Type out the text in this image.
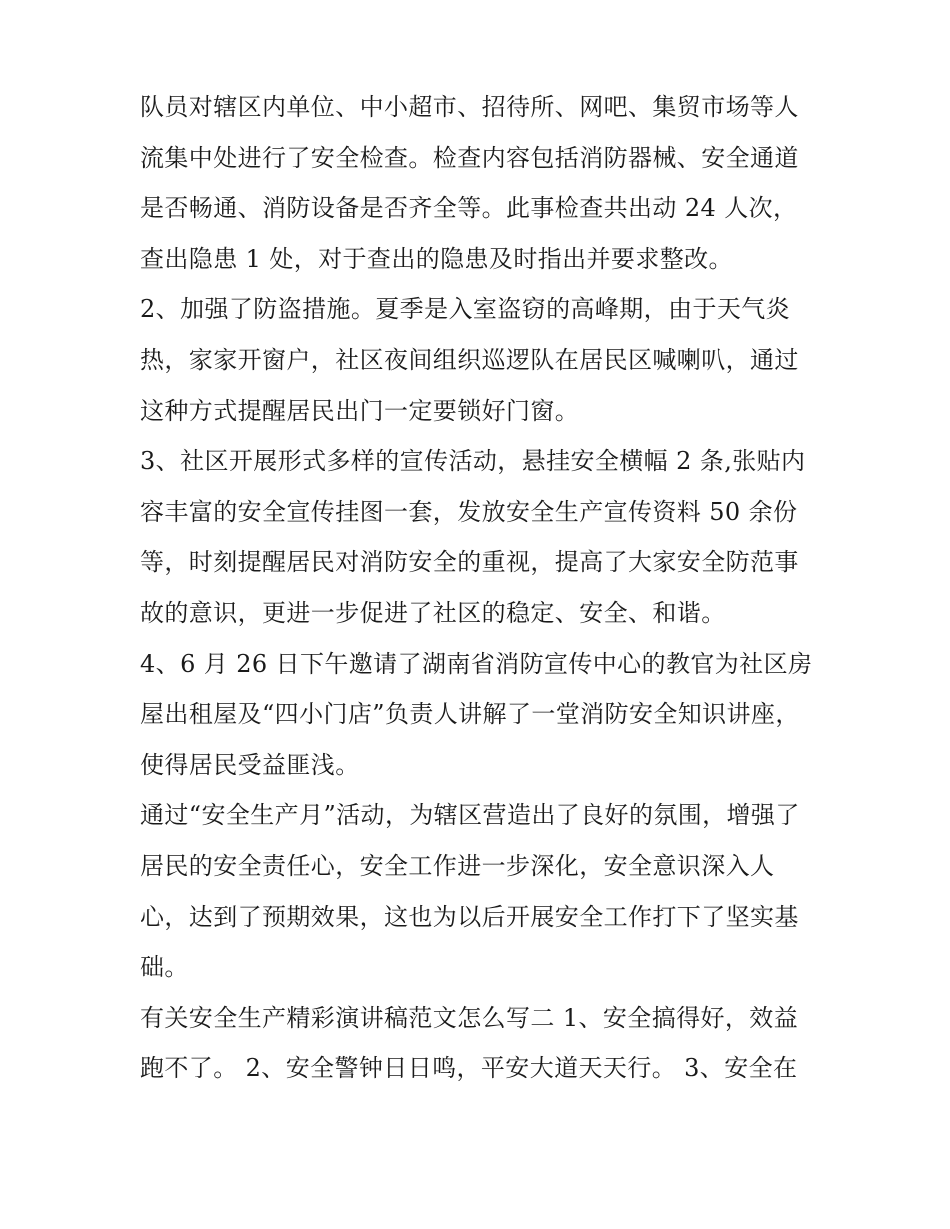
队员对辖区内单位、中小超市、招待所、网吧、集贸市场等人
流集中处进行了安全检查。检查内容包括消防器械、安全通道
是否畅通、消防设备是否齐全等。此事检查共出动 24 人次，
查出隐患 1 处，对于查出的隐患及时指出并要求整改。
2、加强了防盗措施。夏季是入室盗窃的高峰期，由于天气炎
热，家家开窗户，社区夜间组织巡逻队在居民区喊喇叭，通过
这种方式提醒居民出门一定要锁好门窗。
3、社区开展形式多样的宣传活动，悬挂安全横幅 2 条,张贴内
容丰富的安全宣传挂图一套，发放安全生产宣传资料 50 余份
等，时刻提醒居民对消防安全的重视，提高了大家安全防范事
故的意识，更进一步促进了社区的稳定、安全、和谐。
4、6 月 26 日下午邀请了湖南省消防宣传中心的教官为社区房
屋出租屋及“四小门店”负责人讲解了一堂消防安全知识讲座，
使得居民受益匪浅。
通过“安全生产月”活动，为辖区营造出了良好的氛围，增强了
居民的安全责任心，安全工作进一步深化，安全意识深入人
心，达到了预期效果，这也为以后开展安全工作打下了坚实基
础。
有关安全生产精彩演讲稿范文怎么写二 1、安全搞得好，效益
跑不了。 2、安全警钟日日鸣，平安大道天天行。 3、安全在
